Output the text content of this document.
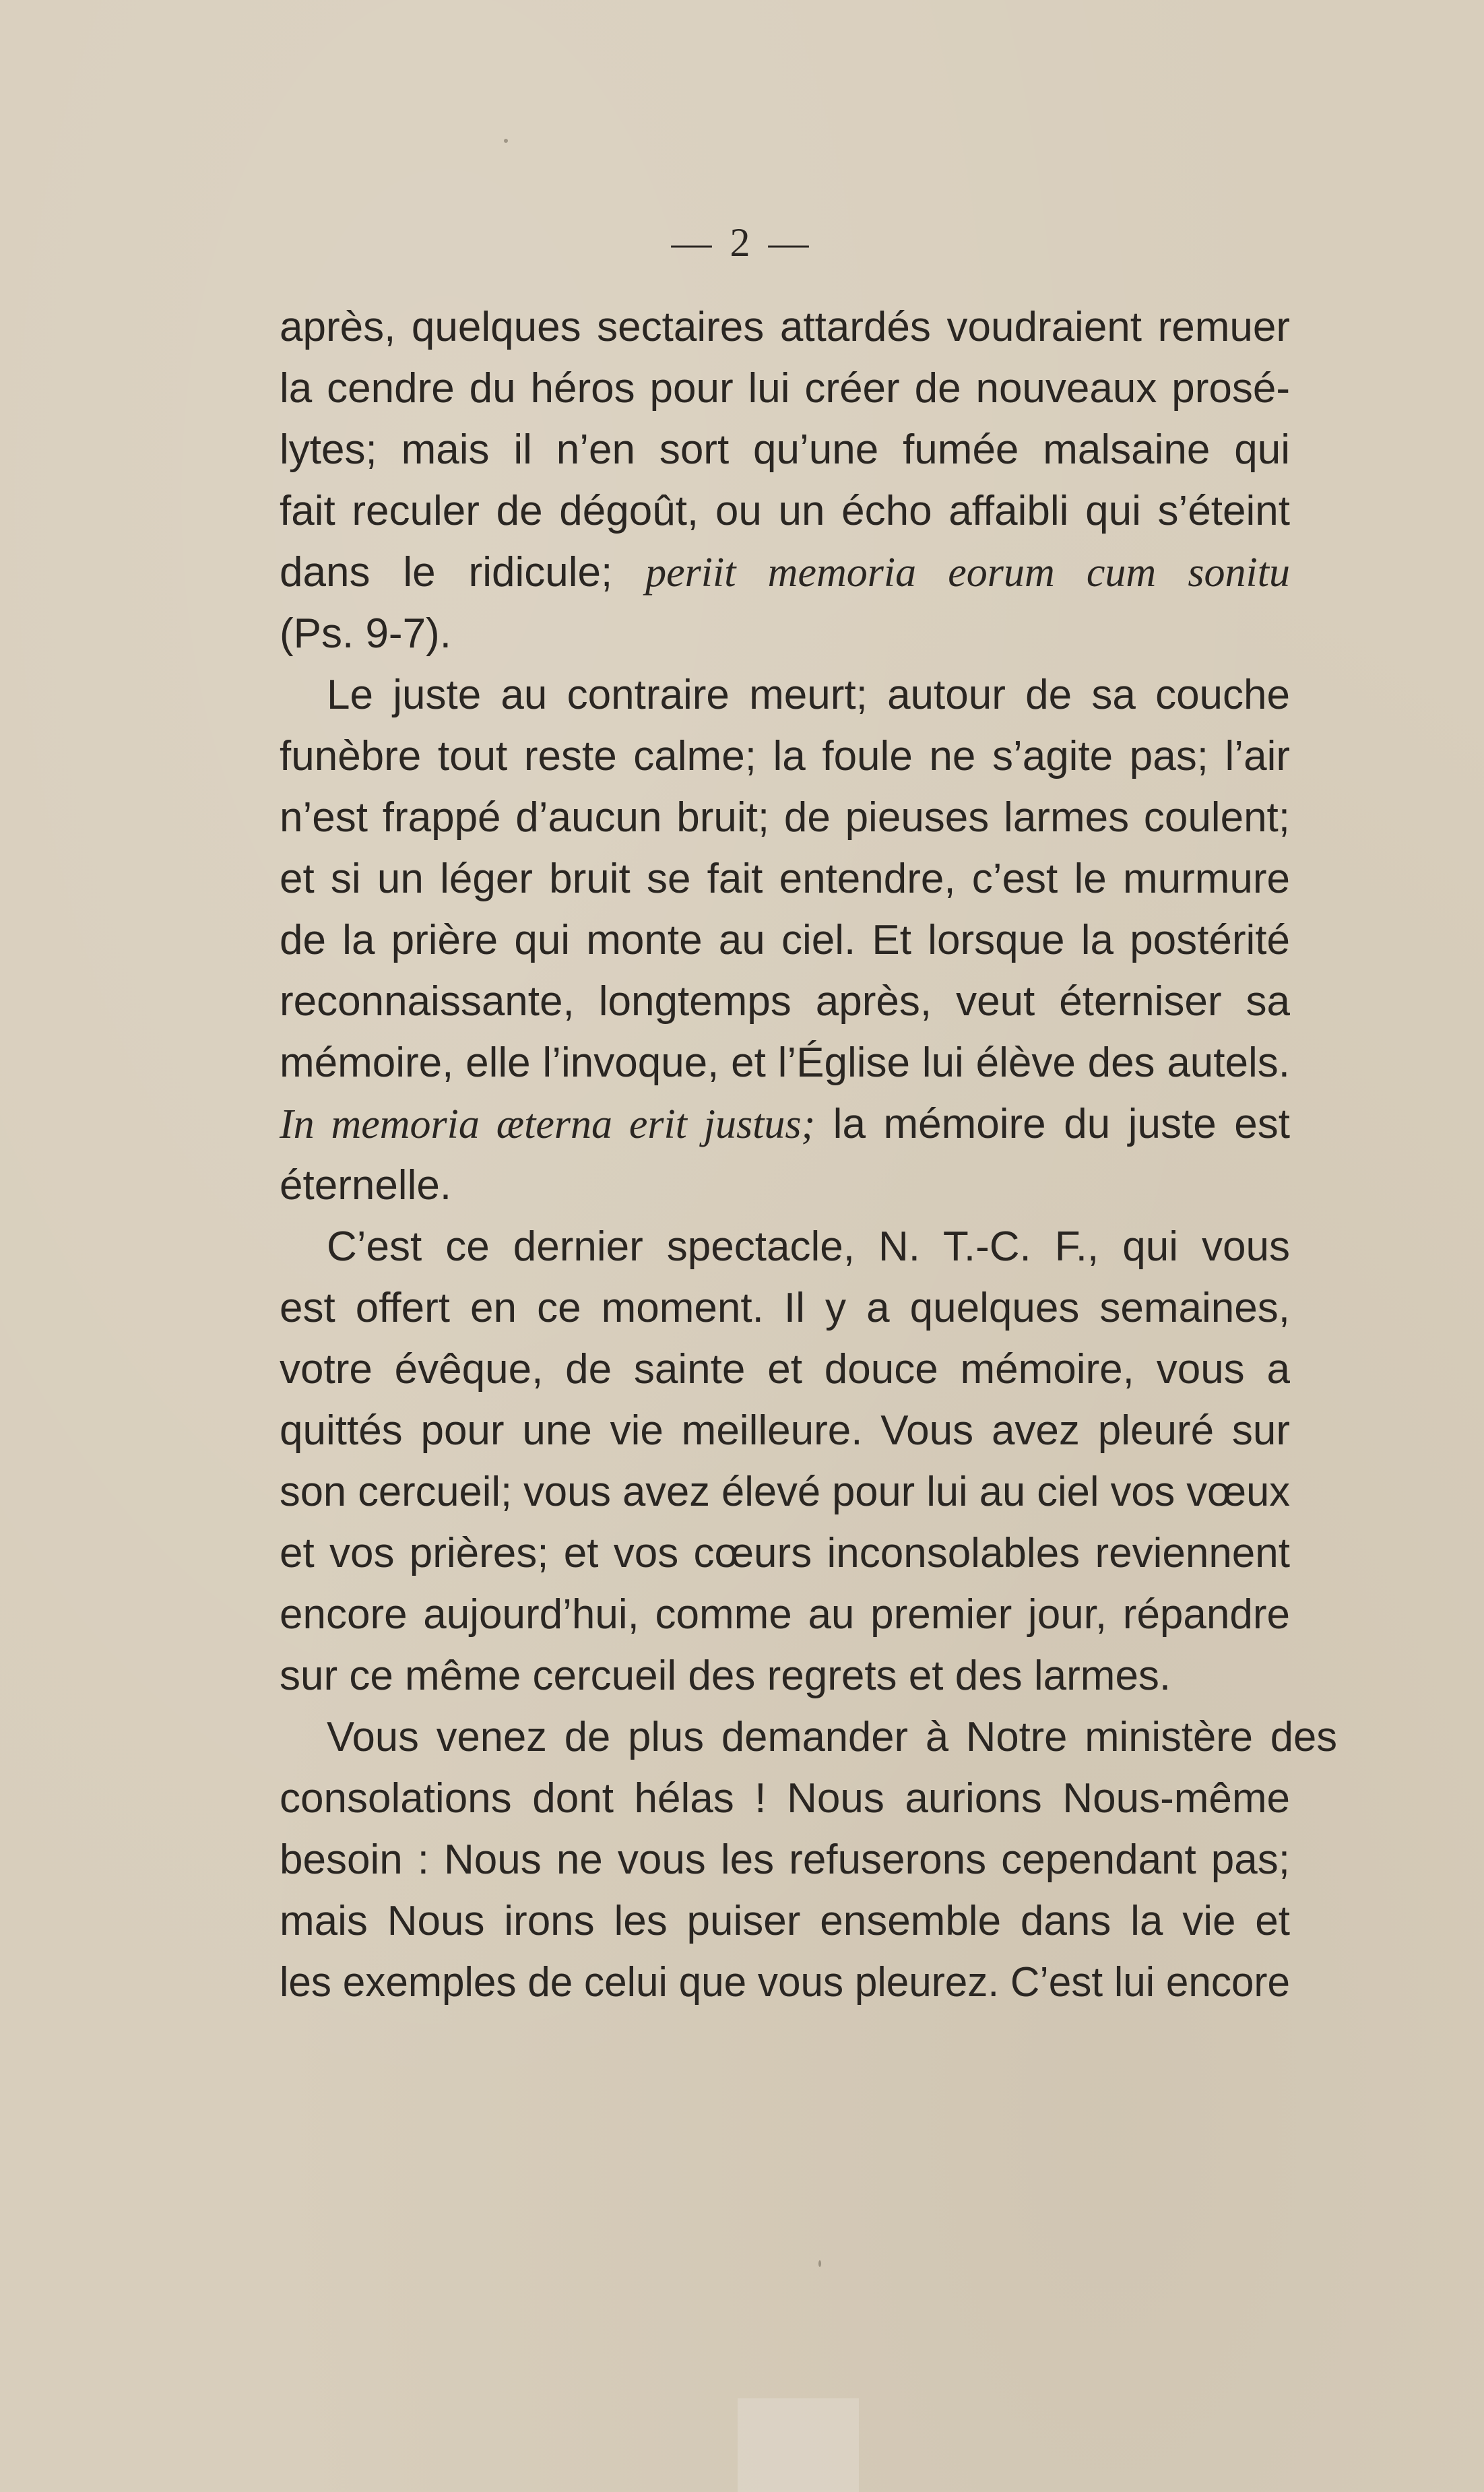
— 2 —
après, quelques sectaires attardés voudraient remuer
la cendre du héros pour lui créer de nouveaux prosé-
lytes; mais il n’en sort qu’une fumée malsaine qui
fait reculer de dégoût, ou un écho affaibli qui s’éteint
dans le ridicule; periit memoria eorum cum sonitu
(Ps. 9-7).
Le juste au contraire meurt; autour de sa couche
funèbre tout reste calme; la foule ne s’agite pas; l’air
n’est frappé d’aucun bruit; de pieuses larmes coulent;
et si un léger bruit se fait entendre, c’est le murmure
de la prière qui monte au ciel. Et lorsque la postérité
reconnaissante, longtemps après, veut éterniser sa
mémoire, elle l’invoque, et l’Église lui élève des autels.
In memoria æterna erit justus; la mémoire du juste est
éternelle.
C’est ce dernier spectacle, N. T.-C. F., qui vous
est offert en ce moment. Il y a quelques semaines,
votre évêque, de sainte et douce mémoire, vous a
quittés pour une vie meilleure. Vous avez pleuré sur
son cercueil; vous avez élevé pour lui au ciel vos vœux
et vos prières; et vos cœurs inconsolables reviennent
encore aujourd’hui, comme au premier jour, répandre
sur ce même cercueil des regrets et des larmes.
Vous venez de plus demander à Notre ministère des
consolations dont hélas ! Nous aurions Nous-même
besoin : Nous ne vous les refuserons cependant pas;
mais Nous irons les puiser ensemble dans la vie et
les exemples de celui que vous pleurez. C’est lui encore
